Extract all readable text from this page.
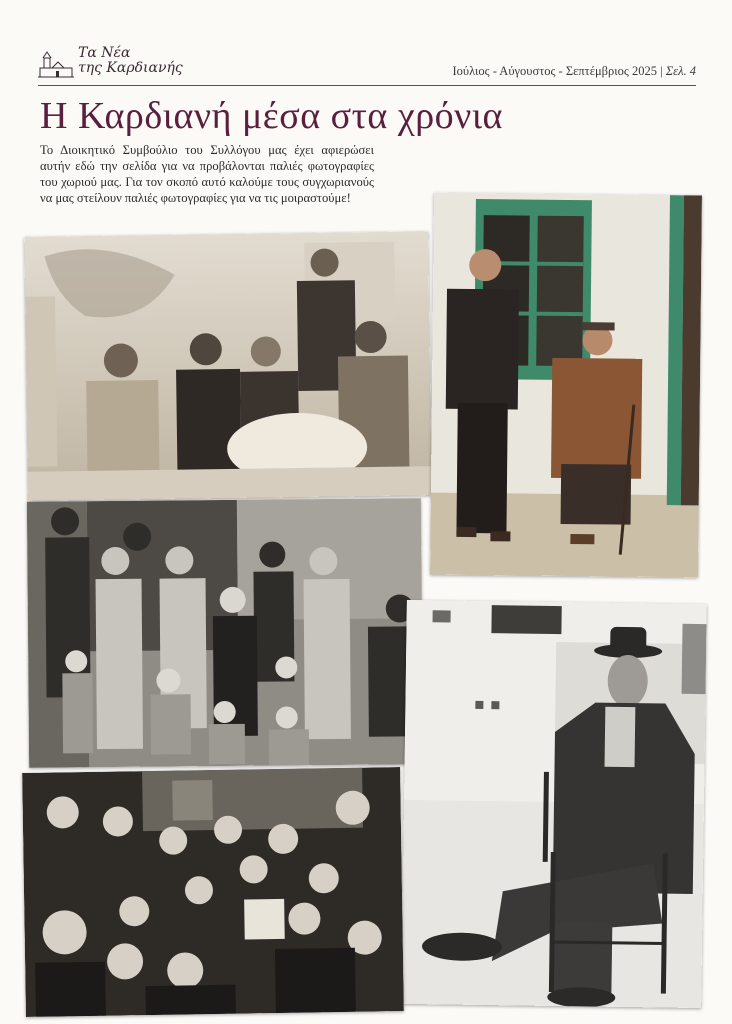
Τα Νέα
της Καρδιανής	Ιούλιος - Αύγουστος - Σεπτέμβριος 2025 | Σελ. 4
Η Καρδιανή μέσα στα χρόνια
Το Διοικητικό Συμβούλιο του Συλλόγου μας έχει αφιερώσει αυτήν εδώ την σελίδα για να προβάλονται παλιές φωτογραφίες του χωριού μας. Για τον σκοπό αυτό καλούμε τους συγχωριανούς να μας στείλουν παλιές φωτογραφίες για να τις μοιραστούμε!
